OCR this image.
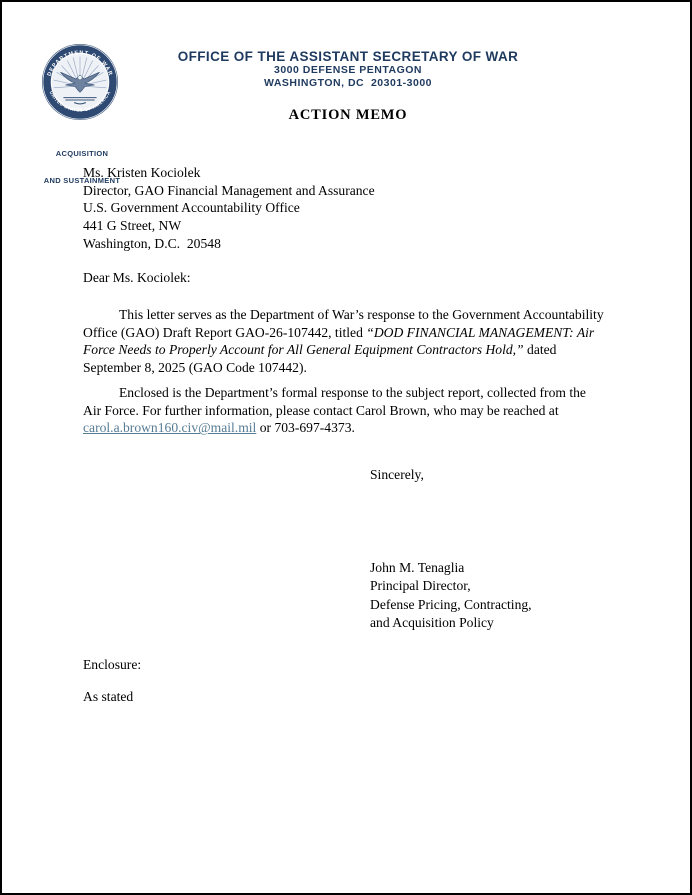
DEPARTMENT OF WAR
UNITED STATES OF AMERICA

ACQUISITION

AND SUSTAINMENT

OFFICE OF THE ASSISTANT SECRETARY OF WAR
3000 DEFENSE PENTAGON
WASHINGTON, DC  20301-3000
ACTION MEMO
Ms. Kristen Kociolek
Director, GAO Financial Management and Assurance
U.S. Government Accountability Office
441 G Street, NW
Washington, D.C.  20548
Dear Ms. Kociolek:
This letter serves as the Department of War’s response to the Government Accountability
Office (GAO) Draft Report GAO-26-107442, titled “DOD FINANCIAL MANAGEMENT: Air
Force Needs to Properly Account for All General Equipment Contractors Hold,” dated
September 8, 2025 (GAO Code 107442).
Enclosed is the Department’s formal response to the subject report, collected from the
Air Force. For further information, please contact Carol Brown, who may be reached at
carol.a.brown160.civ@mail.mil or 703-697-4373.
Sincerely,
John M. Tenaglia
Principal Director,
Defense Pricing, Contracting,
and Acquisition Policy
Enclosure:
As stated
